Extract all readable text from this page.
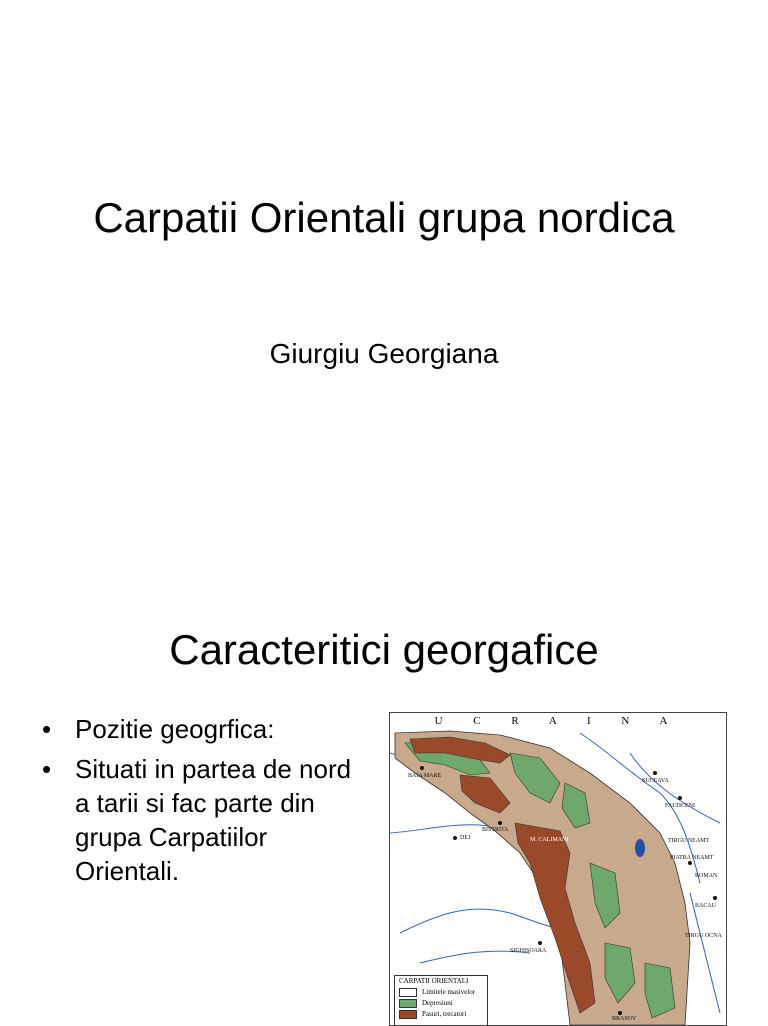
Carpatii Orientali grupa nordica
Giurgiu Georgiana
Caracteritici georgafice
• Pozitie geogrfica:
• Situati in partea de nord a tarii si fac parte din grupa Carpatiilor Orientali.
U C R A I N A
BAIA MARE
DEJ
BISTRITA
SUCEAVA
FALTICENI
TIRGU NEAMT
PIATRA NEAMT
ROMAN
BACAU
TIRGU OCNA
SIGHISOARA
BRASOV
M. CALIMANI
CARPATII ORIENTALI
Limitele masivelor
Depresiuni
Pasuri, trecatori
